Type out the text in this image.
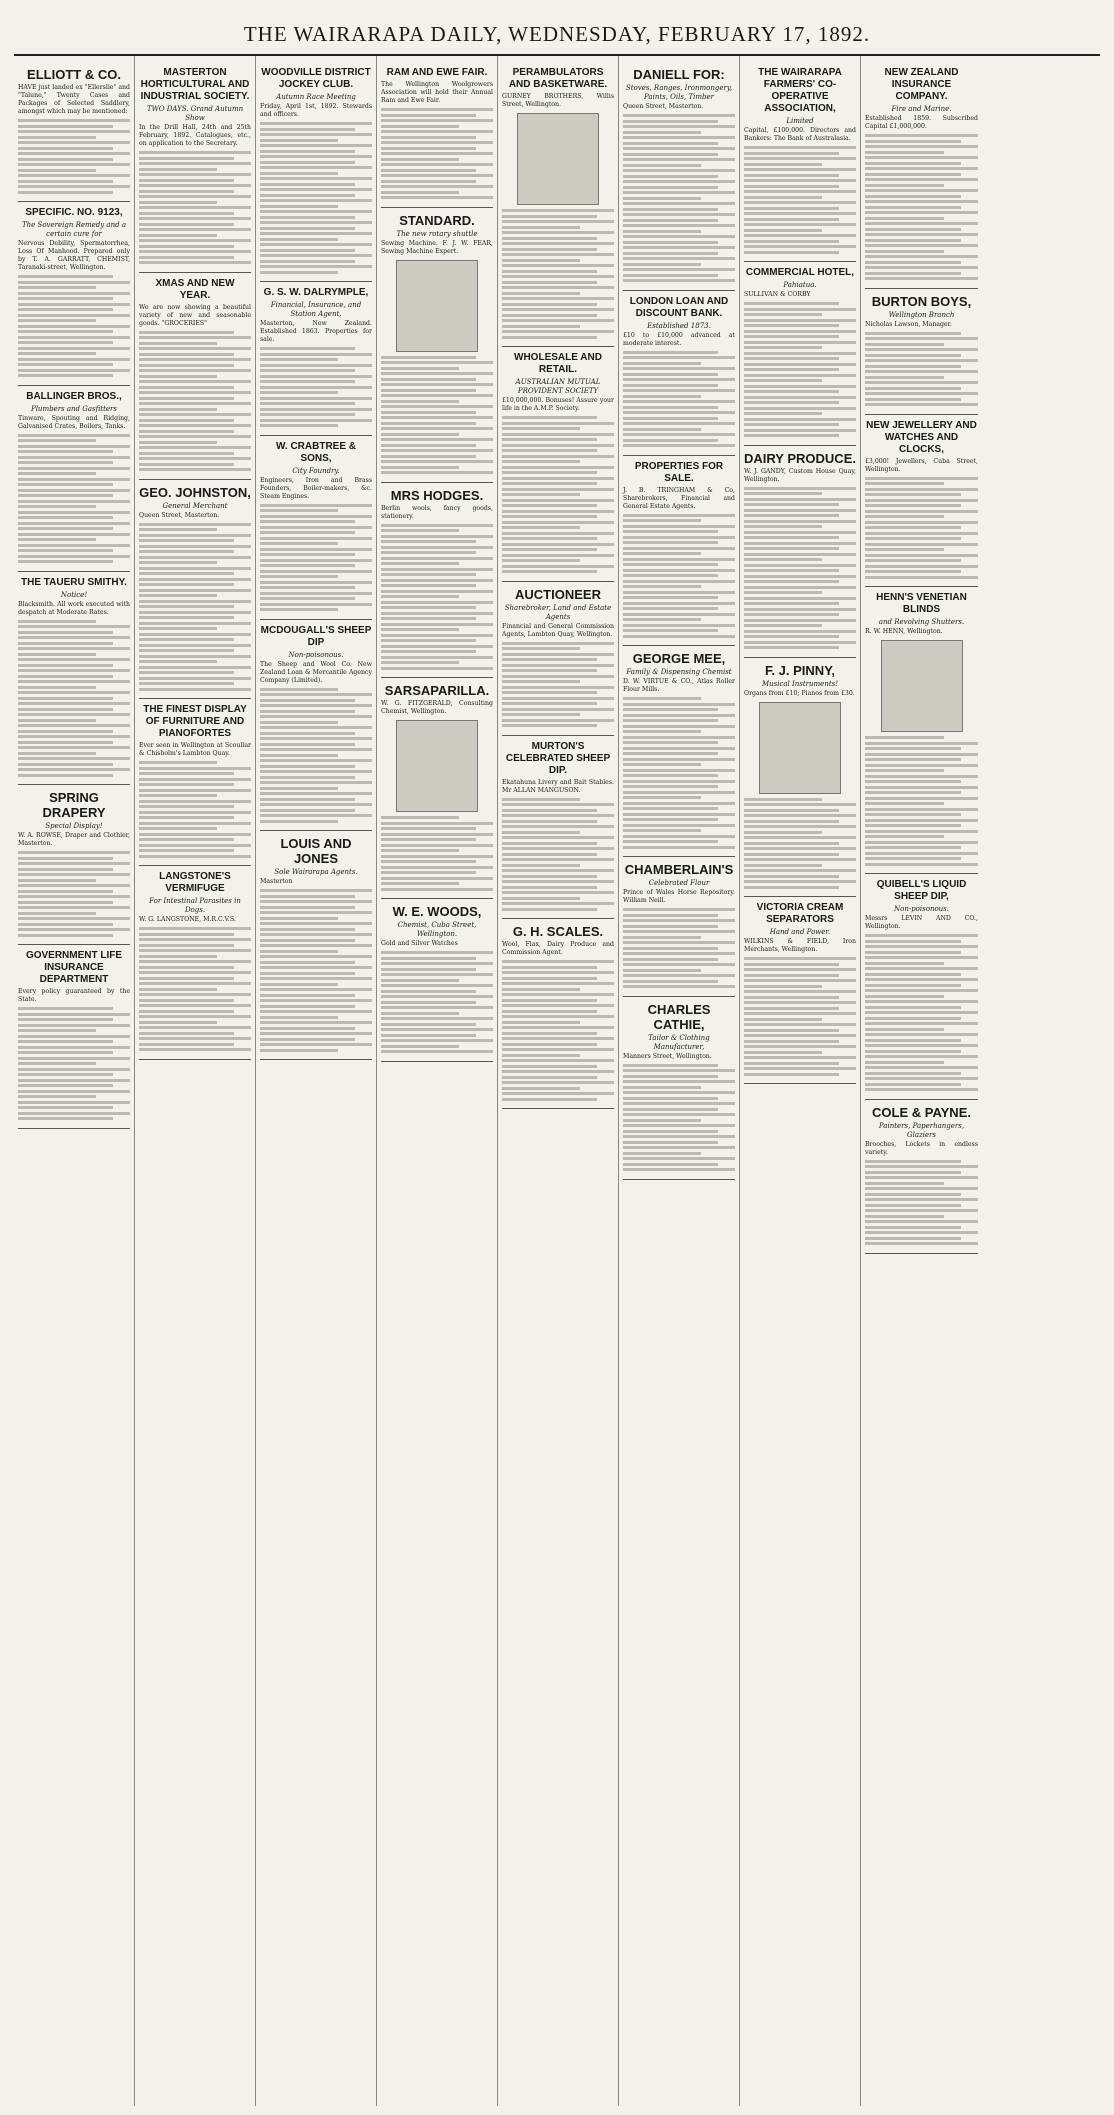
THE WAIRARAPA DAILY, WEDNESDAY, FEBRUARY 17, 1892.
ELLIOTT & CO.
HAVE just landed ex "Ellerslie" and "Talune," Twenty Cases and Packages of Selected Saddlery, amongst which may be mentioned:
SPECIFIC. NO. 9123,
The Sovereign Remedy and a certain cure for
Nervous Debility, Spermatorrhea, Loss Of Manhood. Prepared only by T. A. GARRATT, CHEMIST, Taranaki-street, Wellington.
BALLINGER BROS.,
Plumbers and Gasfitters
Tinware, Spouting and Ridging, Galvanised Crates, Boilers, Tanks.
THE TAUERU SMITHY.
Notice!
Blacksmith. All work executed with despatch at Moderate Rates.
SPRING DRAPERY
Special Display!
W. A. ROWSE, Draper and Clothier, Masterton.
GOVERNMENT LIFE INSURANCE DEPARTMENT
Every policy guaranteed by the State.
MASTERTON HORTICULTURAL AND INDUSTRIAL SOCIETY.
TWO DAYS. Grand Autumn Show
In the Drill Hall, 24th and 25th February, 1892. Catalogues, etc., on application to the Secretary.
XMAS AND NEW YEAR.
We are now showing a beautiful variety of new and seasonable goods. "GROCERIES"
GEO. JOHNSTON,
General Merchant
Queen Street, Masterton.
THE FINEST DISPLAY OF FURNITURE AND PIANOFORTES
Ever seen in Wellington at Scoullar & Chisholm's Lambton Quay.
LANGSTONE'S VERMIFUGE
For Intestinal Parasites in Dogs.
W. G. LANGSTONE, M.R.C.V.S.
WOODVILLE DISTRICT JOCKEY CLUB.
Autumn Race Meeting
Friday, April 1st, 1892. Stewards and officers.
G. S. W. DALRYMPLE,
Financial, Insurance, and Station Agent,
Masterton, New Zealand. Established 1863. Properties for sale.
W. CRABTREE & SONS,
City Foundry.
Engineers, Iron and Brass Founders, Boiler-makers, &c. Steam Engines.
MCDOUGALL'S SHEEP DIP
Non-poisonous.
The Sheep and Wool Co. New Zealand Loan & Mercantile Agency Company (Limited).
LOUIS AND JONES
Sole Wairarapa Agents.
Masterton
RAM AND EWE FAIR.
The Wellington Woolgrowers Association will hold their Annual Ram and Ewe Fair.
STANDARD.
The new rotary shuttle
Sewing Machine. F. J. W. FEAR, Sewing Machine Expert.
MRS HODGES.
Berlin wools, fancy goods, stationery.
SARSAPARILLA.
W. G. FITZGERALD, Consulting Chemist, Wellington.
W. E. WOODS,
Chemist, Cuba Street, Wellington.
Gold and Silver Watches
PERAMBULATORS AND BASKETWARE.
GURNEY BROTHERS, Willis Street, Wellington.
WHOLESALE AND RETAIL.
AUSTRALIAN MUTUAL PROVIDENT SOCIETY
£10,000,000. Bonuses! Assure your life in the A.M.P. Society.
AUCTIONEER
Sharebroker, Land and Estate Agents
Financial and General Commission Agents, Lambton Quay, Wellington.
MURTON'S CELEBRATED SHEEP DIP.
Ekatahuna Livery and Bait Stables. Mr ALLAN MANGUSON.
G. H. SCALES.
Wool, Flax, Dairy Produce and Commission Agent.
DANIELL FOR:
Stoves, Ranges, Ironmongery, Paints, Oils, Timber
Queen Street, Masterton.
LONDON LOAN AND DISCOUNT BANK.
Established 1873.
£10 to £10,000 advanced at moderate interest.
PROPERTIES FOR SALE.
J. B. TRINGHAM & Co, Sharebrokers, Financial and General Estate Agents.
GEORGE MEE,
Family & Dispensing Chemist
D. W. VIRTUE & CO., Atlas Roller Flour Mills.
CHAMBERLAIN'S
Celebrated Flour
Prince of Wales Horse Repository. William Neill.
CHARLES CATHIE,
Tailor & Clothing Manufacturer,
Manners Street, Wellington.
THE WAIRARAPA FARMERS' CO-OPERATIVE ASSOCIATION,
Limited
Capital, £100,000. Directors and Bankers: The Bank of Australasia.
COMMERCIAL HOTEL,
Pahiatua.
SULLIVAN & CORBY
DAIRY PRODUCE.
W. J. GANDY, Custom House Quay, Wellington.
F. J. PINNY,
Musical Instruments!
Organs from £10; Pianos from £30.
VICTORIA CREAM SEPARATORS
Hand and Power.
WILKINS & FIELD, Iron Merchants, Wellington.
NEW ZEALAND INSURANCE COMPANY.
Fire and Marine.
Established 1859. Subscribed Capital £1,000,000.
BURTON BOYS,
Wellington Branch
Nicholas Lawson, Manager.
NEW JEWELLERY AND WATCHES AND CLOCKS,
£3,000! Jewellers, Cuba Street, Wellington.
HENN'S VENETIAN BLINDS
and Revolving Shutters.
R. W. HENN, Wellington.
QUIBELL'S LIQUID SHEEP DIP,
Non-poisonous.
Messrs LEVIN AND CO., Wellington.
COLE & PAYNE.
Painters, Paperhangers, Glaziers
Brooches, Lockets in endless variety.
